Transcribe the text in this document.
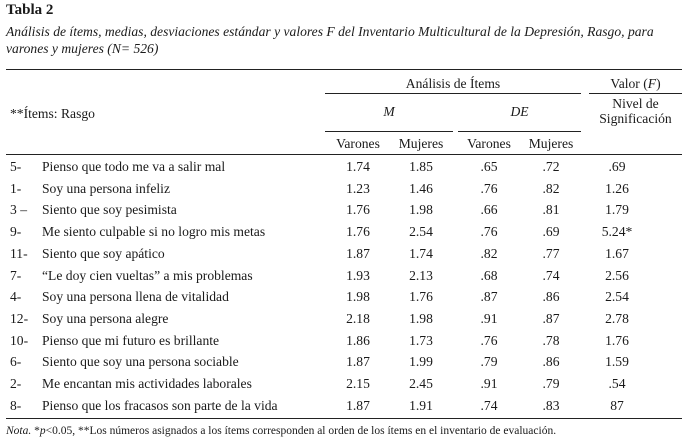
Tabla 2
Análisis de ítems, medias, desviaciones estándar y valores F del Inventario Multicultural de la Depresión, Rasgo, para varones y mujeres (N= 526)
**Ítems: Rasgo
Análisis de Ítems	Valor (F)
M	DE
Nivel de Significación
Varones	Mujeres	Varones	Mujeres
5-	Pienso que todo me va a salir mal	1.74	1.85	.65	.72	.69
1-	Soy una persona infeliz	1.23	1.46	.76	.82	1.26
3 –	Siento que soy pesimista	1.76	1.98	.66	.81	1.79
9-	Me siento culpable si no logro mis metas	1.76	2.54	.76	.69	5.24*
11-	Siento que soy apático	1.87	1.74	.82	.77	1.67
7-	“Le doy cien vueltas” a mis problemas	1.93	2.13	.68	.74	2.56
4-	Soy una persona llena de vitalidad	1.98	1.76	.87	.86	2.54
12-	Soy una persona alegre	2.18	1.98	.91	.87	2.78
10-	Pienso que mi futuro es brillante	1.86	1.73	.76	.78	1.76
6-	Siento que soy una persona sociable	1.87	1.99	.79	.86	1.59
2-	Me encantan mis actividades laborales	2.15	2.45	.91	.79	.54
8-	Pienso que los fracasos son parte de la vida	1.87	1.91	.74	.83	87
Nota. *p<0.05, **Los números asignados a los ítems corresponden al orden de los ítems en el inventario de evaluación.
